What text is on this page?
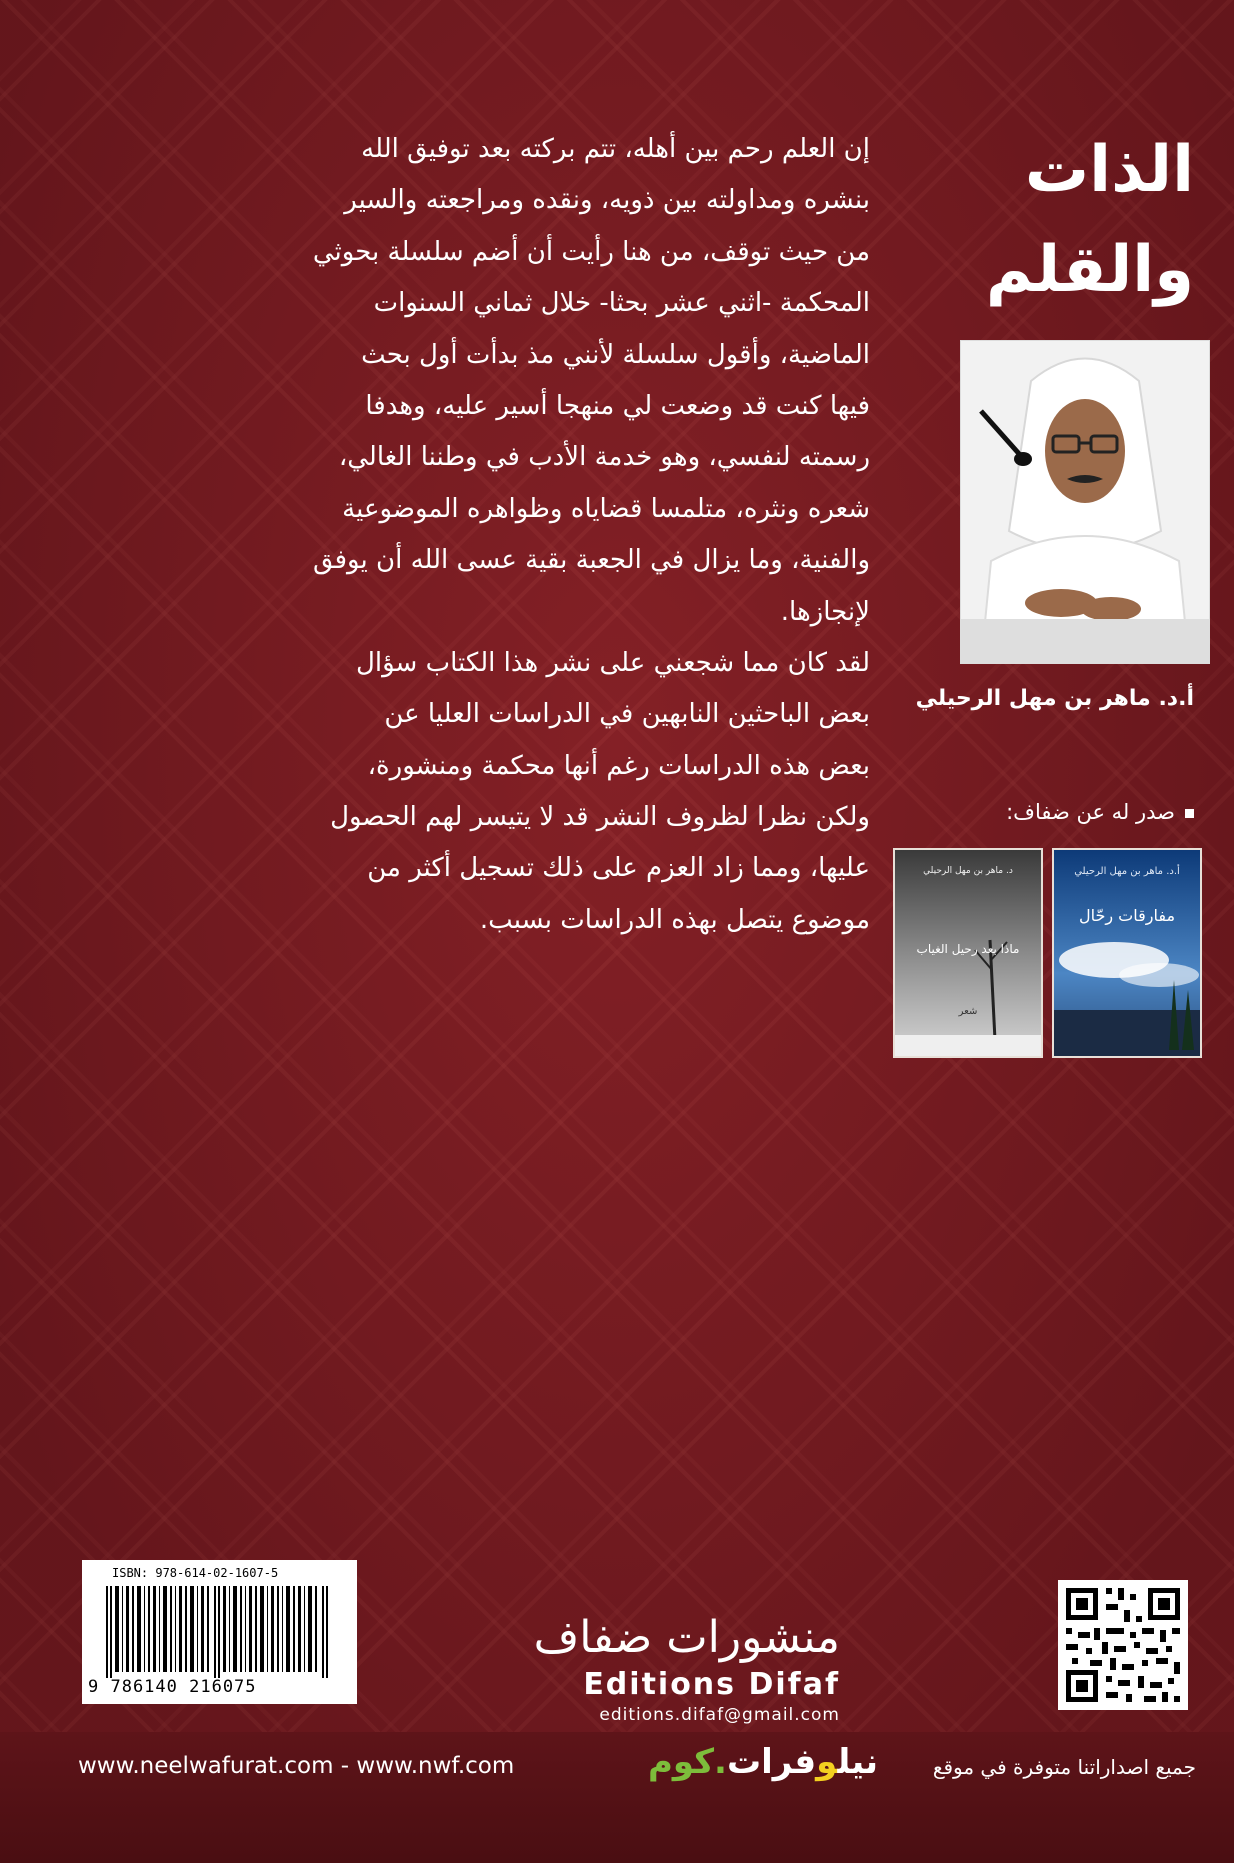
الذات
والقلم
أ.د. ماهر بن مهل الرحيلي
صدر له عن ضفاف:
أ.د. ماهر بن مهل الرحيلي
مفارقات رحّال
د. ماهر بن مهل الرحيلي
ماذا بعد رحيل الغياب
شعر
إن العلم رحم بين أهله، تتم بركته بعد توفيق الله
بنشره ومداولته بين ذويه، ونقده ومراجعته والسير
من حيث توقف، من هنا رأيت أن أضم سلسلة بحوثي
المحكمة -اثني عشر بحثا- خلال ثماني السنوات
الماضية، وأقول سلسلة لأنني مذ بدأت أول بحث
فيها كنت قد وضعت لي منهجا أسير عليه، وهدفا
رسمته لنفسي، وهو خدمة الأدب في وطننا الغالي،
شعره ونثره، متلمسا قضاياه وظواهره الموضوعية
والفنية، وما يزال في الجعبة بقية عسى الله أن يوفق
لإنجازها.
لقد كان مما شجعني على نشر هذا الكتاب سؤال
بعض الباحثين النابهين في الدراسات العليا عن
بعض هذه الدراسات رغم أنها محكمة ومنشورة،
ولكن نظرا لظروف النشر قد لا يتيسر لهم الحصول
عليها، ومما زاد العزم على ذلك تسجيل أكثر من
موضوع يتصل بهذه الدراسات بسبب.
منشورات ضفاف
Editions Difaf
editions.difaf@gmail.com
ISBN: 978-614-02-1607-5
9 786140 216075
www.neelwafurat.com - www.nwf.com	نيلوفرات.كوم	جميع اصداراتنا متوفرة في موقع
